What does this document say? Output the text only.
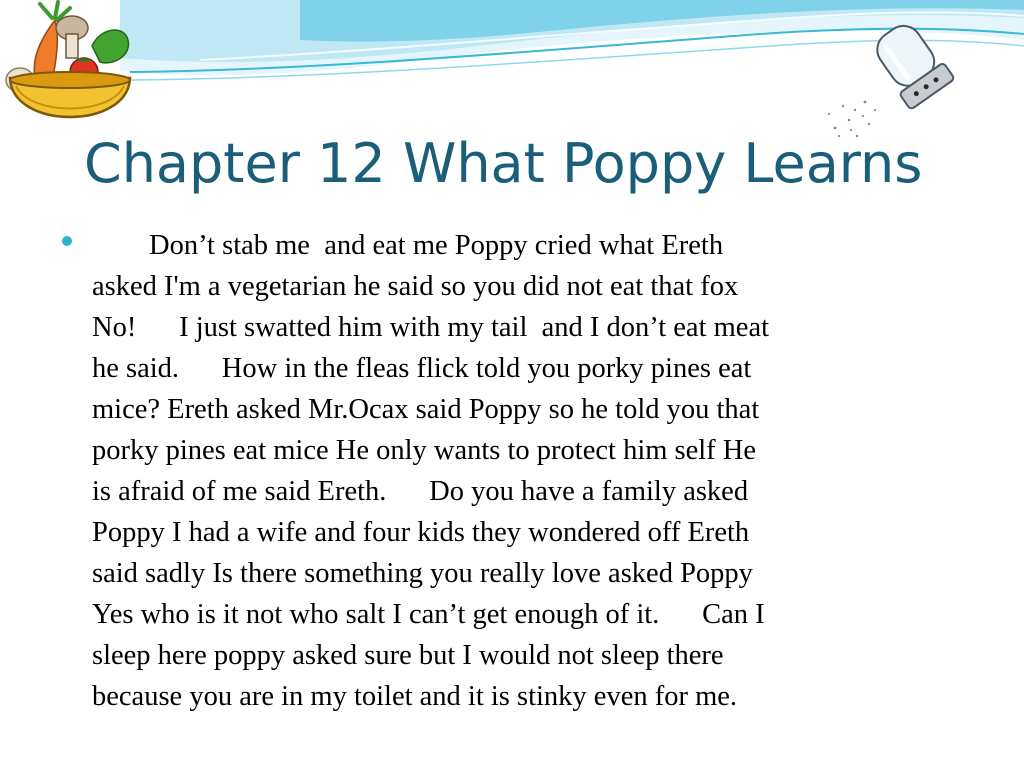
Chapter 12 What Poppy Learns

Don’t stab me  and eat me Poppy cried what Ereth
asked I'm a vegetarian he said so you did not eat that fox
No!      I just swatted him with my tail  and I don’t eat meat
he said.      How in the fleas flick told you porky pines eat
mice? Ereth asked Mr.Ocax said Poppy so he told you that
porky pines eat mice He only wants to protect him self He
is afraid of me said Ereth.      Do you have a family asked
Poppy I had a wife and four kids they wondered off Ereth
said sadly Is there something you really love asked Poppy
Yes who is it not who salt I can’t get enough of it.      Can I
sleep here poppy asked sure but I would not sleep there
because you are in my toilet and it is stinky even for me.
